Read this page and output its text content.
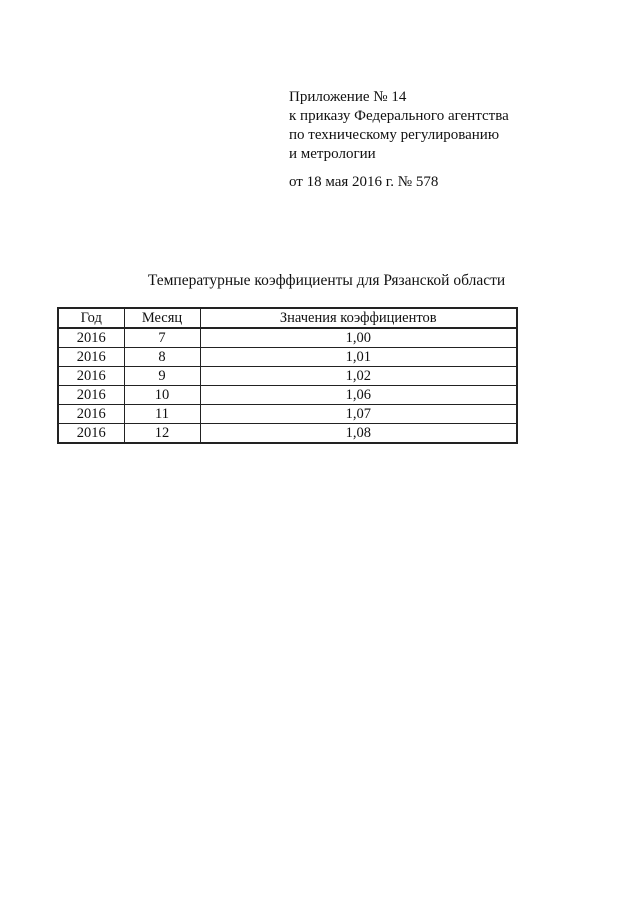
Приложение № 14
к приказу Федерального агентства
по техническому регулированию
и метрологии
от 18 мая 2016 г. № 578
Температурные коэффициенты для Рязанской области
Год	Месяц	Значения коэффициентов
2016	7	1,00
2016	8	1,01
2016	9	1,02
2016	10	1,06
2016	11	1,07
2016	12	1,08
